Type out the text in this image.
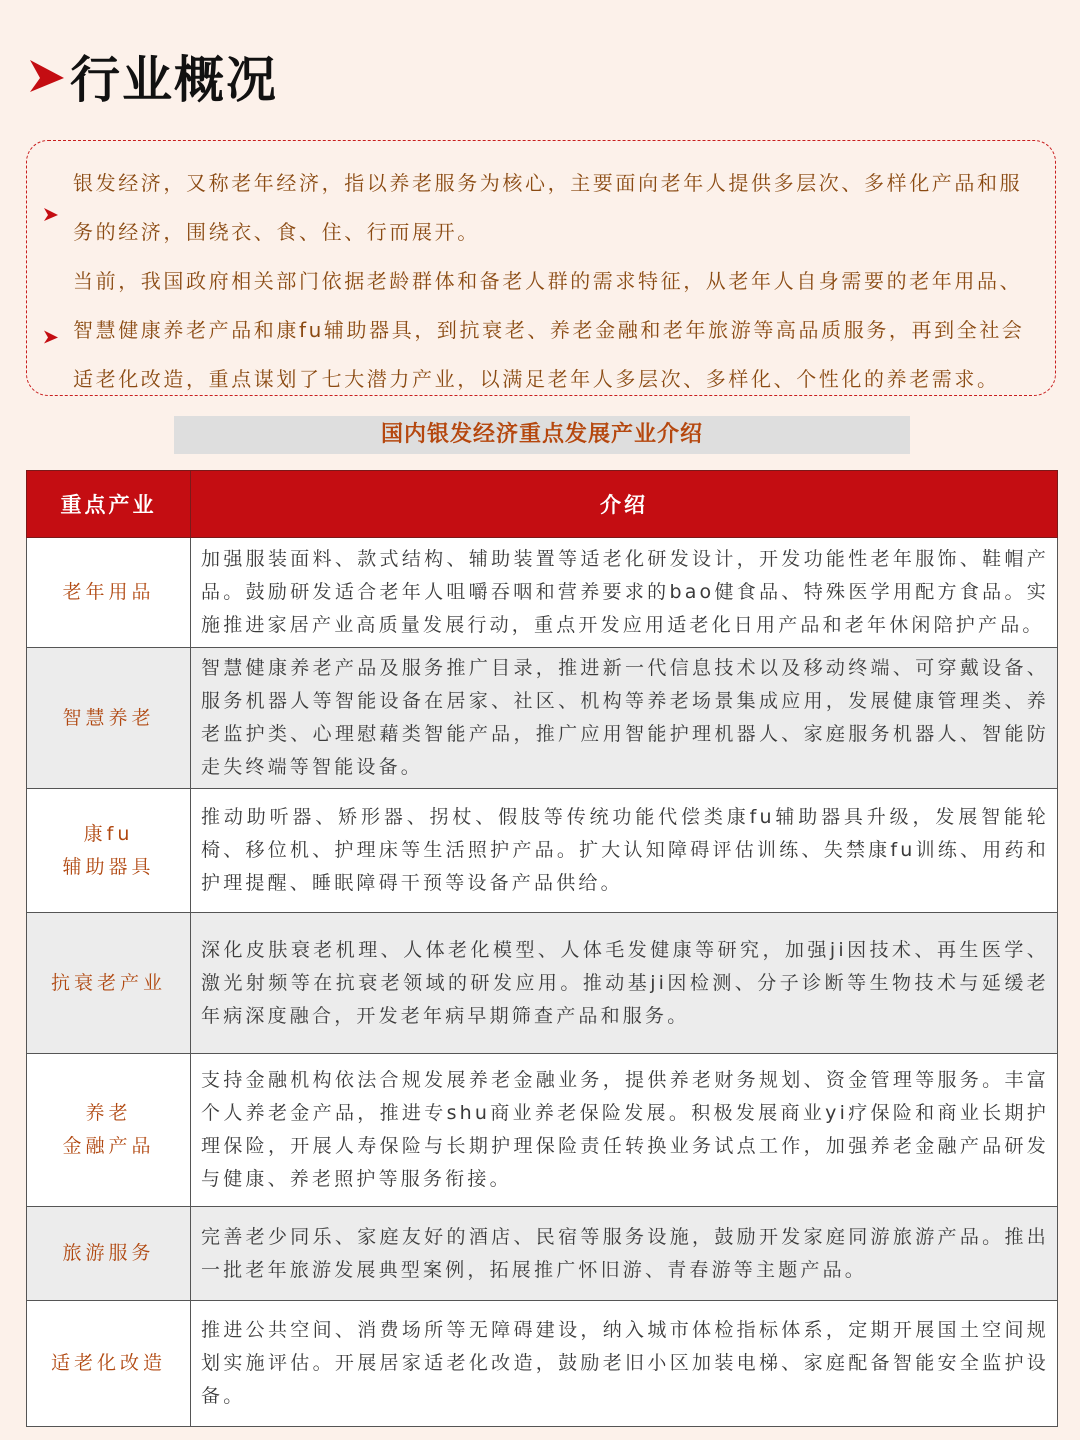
行业概况
银发经济，又称老年经济，指以养老服务为核心，主要面向老年人提供多层次、多样化产品和服务的经济，围绕衣、食、住、行而展开。
当前，我国政府相关部门依据老龄群体和备老人群的需求特征，从老年人自身需要的老年用品、智慧健康养老产品和康fu辅助器具，到抗衰老、养老金融和老年旅游等高品质服务，再到全社会适老化改造，重点谋划了七大潜力产业，以满足老年人多层次、多样化、个性化的养老需求。
国内银发经济重点发展产业介绍
重点产业	介绍

老年用品	加强服装面料、款式结构、辅助装置等适老化研发设计，开发功能性老年服饰、鞋帽产品。鼓励研发适合老年人咀嚼吞咽和营养要求的bao健食品、特殊医学用配方食品。实施推进家居产业高质量发展行动，重点开发应用适老化日用产品和老年休闲陪护产品。

智慧养老	智慧健康养老产品及服务推广目录，推进新一代信息技术以及移动终端、可穿戴设备、服务机器人等智能设备在居家、社区、机构等养老场景集成应用，发展健康管理类、养老监护类、心理慰藉类智能产品，推广应用智能护理机器人、家庭服务机器人、智能防走失终端等智能设备。

康fu
辅助器具	推动助听器、矫形器、拐杖、假肢等传统功能代偿类康fu辅助器具升级，发展智能轮椅、移位机、护理床等生活照护产品。扩大认知障碍评估训练、失禁康fu训练、用药和护理提醒、睡眠障碍干预等设备产品供给。

抗衰老产业	深化皮肤衰老机理、人体老化模型、人体毛发健康等研究，加强ji因技术、再生医学、激光射频等在抗衰老领域的研发应用。推动基ji因检测、分子诊断等生物技术与延缓老年病深度融合，开发老年病早期筛查产品和服务。

养老
金融产品	支持金融机构依法合规发展养老金融业务，提供养老财务规划、资金管理等服务。丰富个人养老金产品，推进专shu商业养老保险发展。积极发展商业yi疗保险和商业长期护理保险，开展人寿保险与长期护理保险责任转换业务试点工作，加强养老金融产品研发与健康、养老照护等服务衔接。

旅游服务	完善老少同乐、家庭友好的酒店、民宿等服务设施，鼓励开发家庭同游旅游产品。推出一批老年旅游发展典型案例，拓展推广怀旧游、青春游等主题产品。

适老化改造	推进公共空间、消费场所等无障碍建设，纳入城市体检指标体系，定期开展国土空间规划实施评估。开展居家适老化改造，鼓励老旧小区加装电梯、家庭配备智能安全监护设备。
